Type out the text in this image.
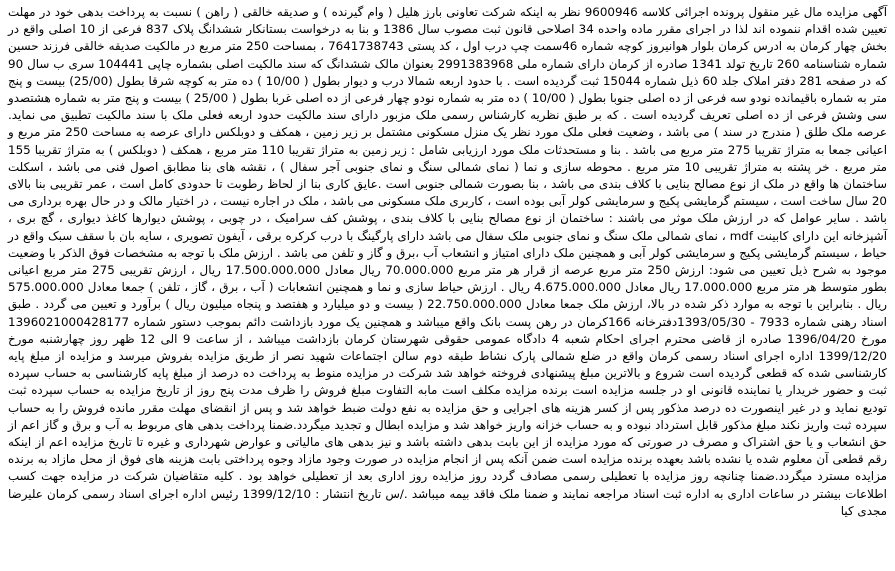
آگهی مزایده مال غیر منقول پرونده اجرائی کلاسه 9600946 نظر به اینکه شرکت تعاونی بارز هلیل ( وام گیرنده ) و صدیقه خالقی ( راهن ) نسبت به پرداخت بدهی خود در مهلت تعیین شده اقدام ننموده اند لذا در اجرای مقرر ماده واحده 34 اصلاحی قانون ثبت مصوب سال 1386 و بنا به درخواست بستانکار ششدانگ پلاک 837 فرعی از 10 اصلی واقع در بخش چهار کرمان به ادرس کرمان بلوار هوانیروز کوچه شماره 46سمت چپ درب اول ، کد پستی 7641738743 ، بمساحت 250 متر مربع در مالکیت صدیقه خالقی فرزند حسین شماره شناسنامه 260 تاریخ تولد 1341 صادره از کرمان دارای شماره ملی 2991383968 بعنوان مالک ششدانگ که سند مالکیت اصلی بشماره چاپی 104441 سری ب سال 90 که در صفحه 281 دفتر املاک جلد 60 ذیل شماره 15044 ثبت گردیده است . با حدود اربعه شمالا درب و دیوار بطول ( 10/00 ) ده متر به کوچه شرقا بطول (25/00) بیست و پنج متر به شماره باقیمانده نودو سه فرعی از ده اصلی جنوبا بطول ( 10/00 ) ده متر به شماره نودو چهار فرعی از ده اصلی غربا بطول ( 25/00 ) بیست و پنج متر به شماره هشتصدو سی وشش فرعی از ده اصلی تعریف گردیده است . که بر طبق نظریه کارشناس رسمی ملک مزبور دارای سند مالکیت حدود اربعه فعلی ملک با سند مالکیت تطبیق می نماید. عرصه ملک طلق ( مندرج در سند ) می باشد ، وضعیت فعلی ملک مورد نظر یک منزل مسکونی مشتمل بر زیر زمین ، همکف و دوبلکس دارای عرصه به مساحت 250 متر مربع و اعیانی جمعا به متراژ تقریبا 275 متر مربع می باشد . بنا و مستحدثات ملک مورد ارزیابی شامل : زیر زمین به متراژ تقریبا 110 متر مربع ، همکف ( دوبلکس ) به متراژ تقریبا 155 متر مربع . خر پشته به متراژ تقریبی 10 متر مربع . محوطه سازی و نما ( نمای شمالی سنگ و نمای جنوبی آجر سفال ) ، نقشه های بنا مطابق اصول فنی می باشد ، اسکلت ساختمان ها واقع در ملک از نوع مصالح بنایی با کلاف بندی می باشد ، بنا بصورت شمالی جنوبی است .عایق کاری بنا از لحاظ رطوبت تا حدودی کامل است ، عمر تقریبی بنا بالای 20 سال ساخت است ، سیستم گرمایشی پکیج و سرمایشی کولر آبی بوده است ، کاربری ملک مسکونی می باشد ، ملک در اجاره نیست ، در اختیار مالک و در حال بهره برداری می باشد . سایر عوامل که در ارزش ملک موثر می باشند : ساختمان از نوع مصالح بنایی با کلاف بندی ، پوشش کف سرامیک ، در چوبی ، پوشش دیوارها کاغذ دیواری ، گچ بری ، آشپزخانه این دارای کابینت mdf ، نمای شمالی ملک سنگ و نمای جنوبی ملک سفال می باشد دارای پارگینگ با درب کرکره برقی ، آیفون تصویری ، سایه بان با سقف سبک واقع در حیاط ، سیستم گرمایشی پکیج و سرمایشی کولر آبی و همچنین ملک دارای امتیاز و انشعاب آب ،برق و گاز و تلفن می باشد . ارزش ملک با توجه به مشخصات فوق الذکر با وضعیت موجود به شرح ذیل تعیین می شود: ارزش 250 متر مربع عرصه از قرار هر متر مربع 70.000.000 ریال معادل 17.500.000.000 ریال ، ارزش تقریبی 275 متر مربع اعیانی بطور متوسط هر متر مربع 17.000.000 ریال معادل 4.675.000.000 ریال . ارزش حیاط سازی و نما و همچنین انشعابات ( آب ، برق ، گاز ، تلفن ) جمعا معادل 575.000.000 ریال . بنابراین با توجه به موارد ذکر شده در بالا، ارزش ملک جمعا معادل 22.750.000.000 ( بیست و دو میلیارد و هفتصد و پنجاه میلیون ریال ) برآورد و تعیین می گردد . طبق اسناد رهنی شماره 7933 - 1393/05/30دفترخانه 166کرمان در رهن پست بانک واقع میباشد و همچنین یک مورد بازداشت دائم بموجب دستور شماره 1396021000428177 مورخ 1396/04/20 صادره از قاضی محترم اجرای احکام شعبه 4 دادگاه عمومی حقوقی شهرستان کرمان بازداشت میباشد ، از ساعت 9 الی 12 ظهر روز چهارشنبه مورخ 1399/12/20 اداره اجرای اسناد رسمی کرمان واقع در ضلع شمالی پارک نشاط طبقه دوم سالن اجتماعات شهید نصر از طریق مزایده بفروش میرسد و مزایده از مبلغ پایه کارشناسی شده که قطعی گردیده است شروع و بالاترین مبلغ پیشنهادی فروخته خواهد شد شرکت در مزایده منوط به پرداخت ده درصد از مبلغ پایه کارشناسی به حساب سپرده ثبت و حضور خریدار یا نماینده قانونی او در جلسه مزایده است برنده مزایده مکلف است مابه التفاوت مبلغ فروش را ظرف مدت پنج روز از تاریخ مزایده به حساب سپرده ثبت تودیع نماید و در غیر اینصورت ده درصد مذکور پس از کسر هزینه های اجرایی و حق مزایده به نفع دولت ضبط خواهد شد و پس از انقضای مهلت مقرر مانده فروش را به حساب سپرده ثبت واریز نکند مبلغ مذکور قابل استرداد نبوده و به حساب خزانه واریز خواهد شد و مزایده ابطال و تجدید میگردد.ضمنا پرداخت بدهی های مربوط به آب و برق و گاز اعم از حق انشعاب و یا حق اشتراک و مصرف در صورتی که مورد مزایده از این بابت بدهی داشته باشد و نیز بدهی های مالیاتی و عوارض شهرداری و غیره تا تاریخ مزایده اعم از اینکه رقم قطعی آن معلوم شده یا نشده باشد بعهده برنده مزایده است ضمن آنکه پس از انجام مزایده در صورت وجود مازاد وجوه پرداختی بابت هزینه های فوق از محل مازاد به برنده مزایده مسترد میگردد.ضمنا چنانچه روز مزایده با تعطیلی رسمی مصادف گردد روز مزایده روز اداری بعد از تعطیلی خواهد بود . کلیه متقاضیان شرکت در مزایده جهت کسب اطلاعات بیشتر در ساعات اداری به اداره ثبت اسناد مراجعه نمایند و ضمنا ملک فاقد بیمه میباشد ./س تاریخ انتشار : 1399/12/10 رئیس اداره اجرای اسناد رسمی کرمان علیرضا مجدی کیا
